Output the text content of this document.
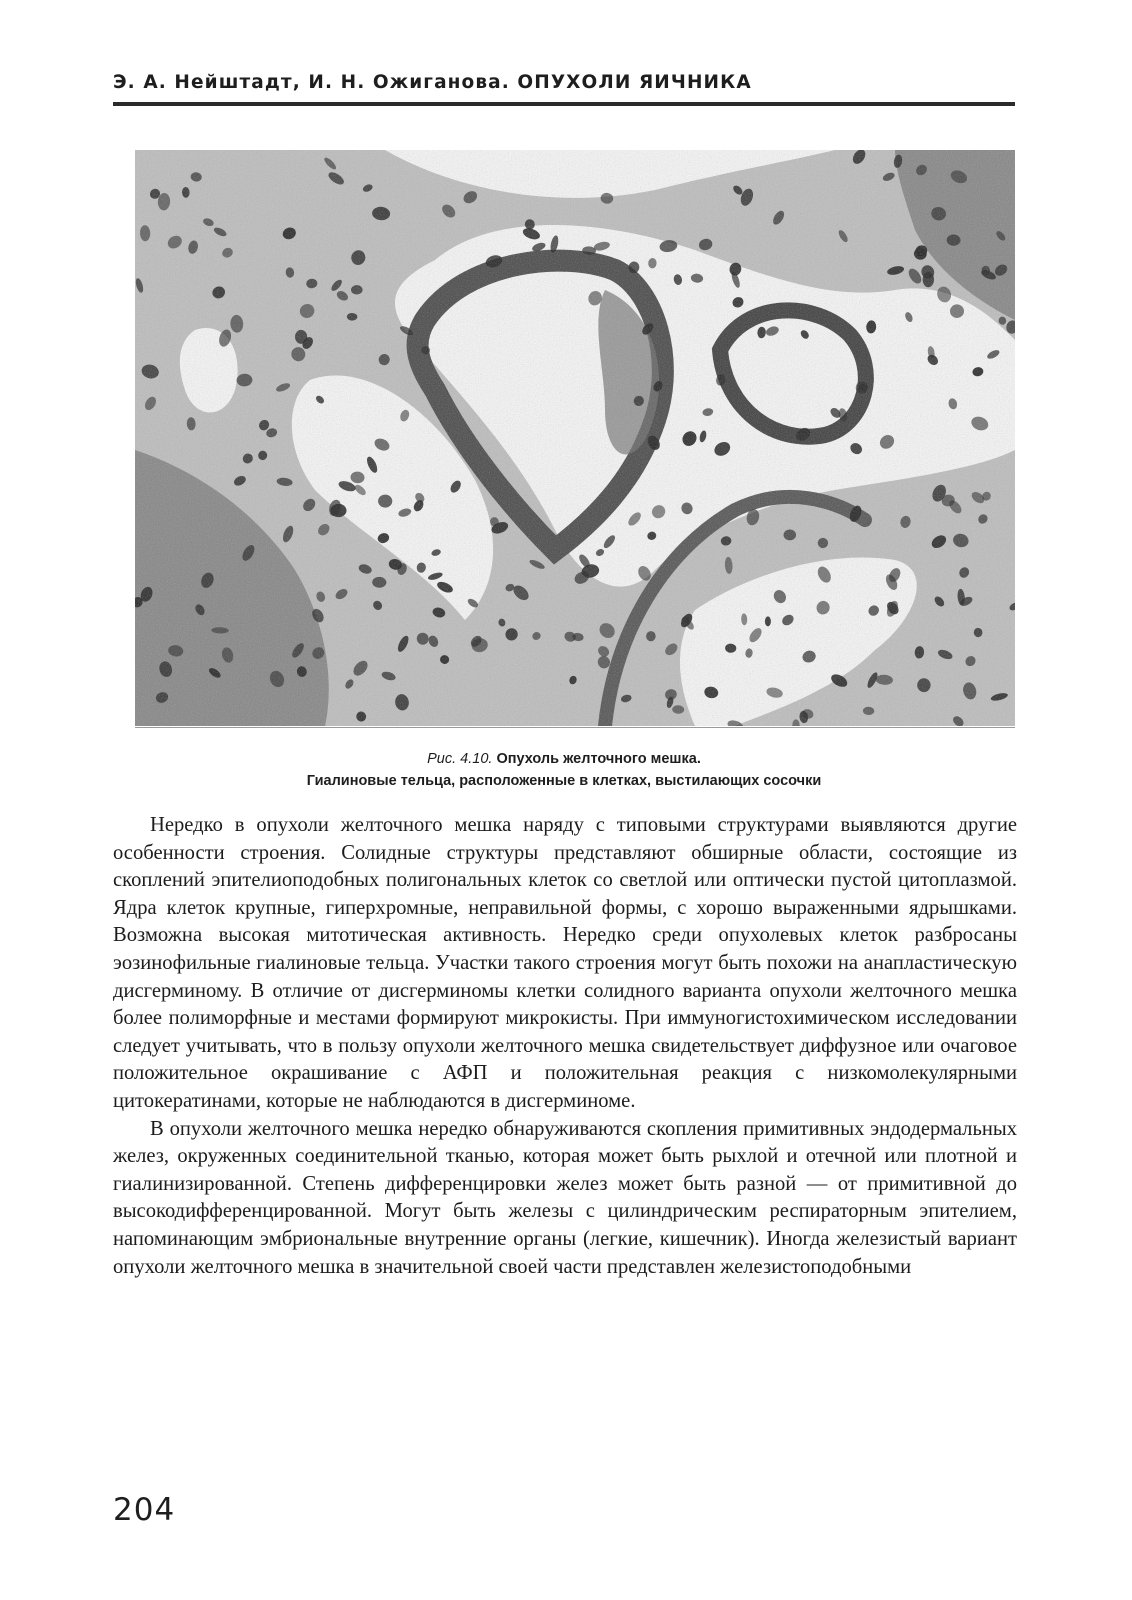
Э. А. Нейштадт, И. Н. Ожиганова. ОПУХОЛИ ЯИЧНИКА
Рис. 4.10. Опухоль желточного мешка.
Гиалиновые тельца, расположенные в клетках, выстилающих сосочки

Нередко в опухоли желточного мешка наряду с типовыми структурами выявляются другие особенности строения. Солидные структуры представляют обширные области, состоящие из скоплений эпителиоподобных полигональных клеток со светлой или оптически пустой цитоплазмой. Ядра клеток крупные, гиперхромные, неправильной формы, с хорошо выраженными ядрышками. Возможна высокая митотическая активность. Нередко среди опухолевых клеток разбросаны эозинофильные гиалиновые тельца. Участки такого строения могут быть похожи на анапластическую дисгерминому. В отличие от дисгерминомы клетки солидного варианта опухоли желточного мешка более полиморфные и местами формируют микрокисты. При иммуногистохимическом исследовании следует учитывать, что в пользу опухоли желточного мешка свидетельствует диффузное или очаговое положительное окрашивание с АФП и положительная реакция с низкомолекулярными цитокератинами, которые не наблюдаются в дисгерминоме.

В опухоли желточного мешка нередко обнаруживаются скопления примитивных эндодермальных желез, окруженных соединительной тканью, которая может быть рыхлой и отечной или плотной и гиалинизированной. Степень дифференцировки желез может быть разной — от примитивной до высокодифференцированной. Могут быть железы с цилиндрическим респираторным эпителием, напоминающим эмбриональные внутренние органы (легкие, кишечник). Иногда железистый вариант опухоли желточного мешка в значительной своей части представлен железистоподобными

204
